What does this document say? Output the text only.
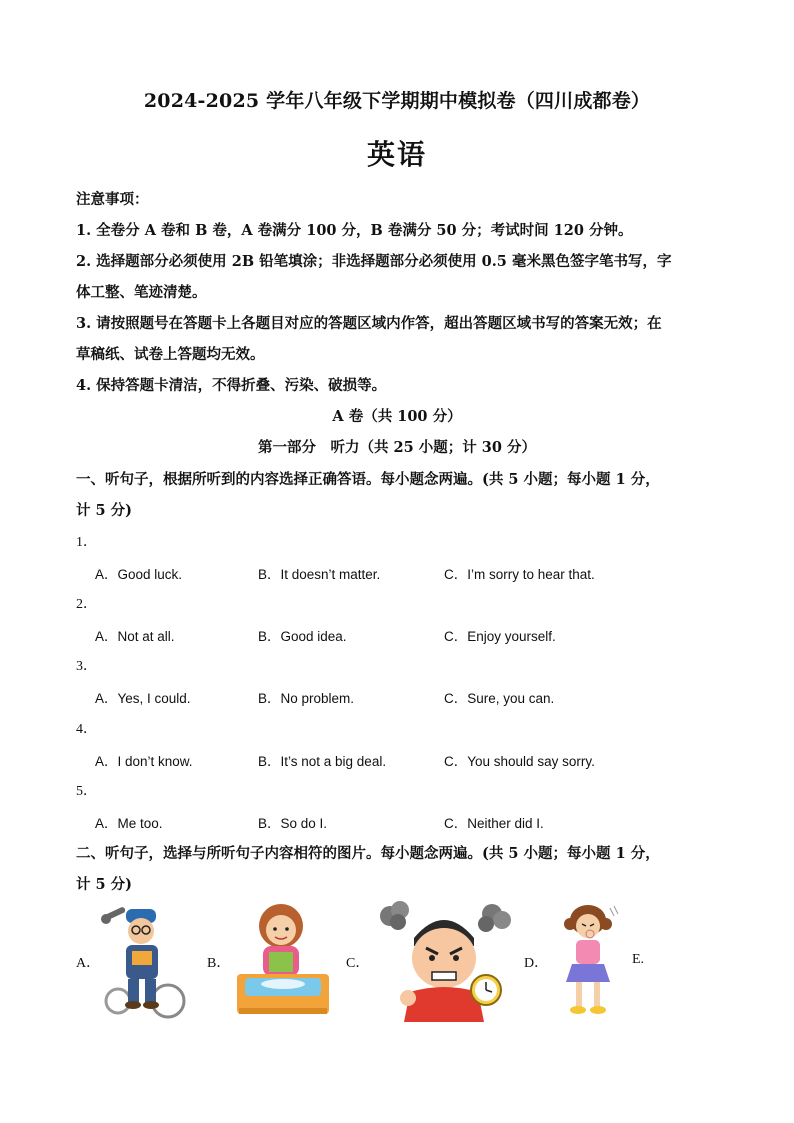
2024-2025 学年八年级下学期期中模拟卷（四川成都卷）
英语
注意事项：
1. 全卷分 A 卷和 B 卷，A 卷满分 100 分，B 卷满分 50 分；考试时间 120 分钟。
2. 选择题部分必须使用 2B 铅笔填涂；非选择题部分必须使用 0.5 毫米黑色签字笔书写，字
体工整、笔迹清楚。
3. 请按照题号在答题卡上各题目对应的答题区域内作答，超出答题区域书写的答案无效；在
草稿纸、试卷上答题均无效。
4. 保持答题卡清洁，不得折叠、污染、破损等。
A 卷（共 100 分）
第一部分　听力（共 25 小题；计 30 分）
一、听句子，根据所听到的内容选择正确答语。每小题念两遍。(共 5 小题；每小题 1 分，
计 5 分)
1．
A．Good luck.	B．It doesn’t matter.	C．I’m sorry to hear that.
2．
A．Not at all.	B．Good idea.	C．Enjoy yourself.
3．
A．Yes, I could.	B．No problem.	C．Sure, you can.
4．
A．I don’t know.	B．It’s not a big deal.	C．You should say sorry.
5．
A．Me too.	B．So do I.	C．Neither did I.
二、听句子，选择与所听句子内容相符的图片。每小题念两遍。(共 5 小题；每小题 1 分，
计 5 分)
A．	B．	C．	D．	E.
